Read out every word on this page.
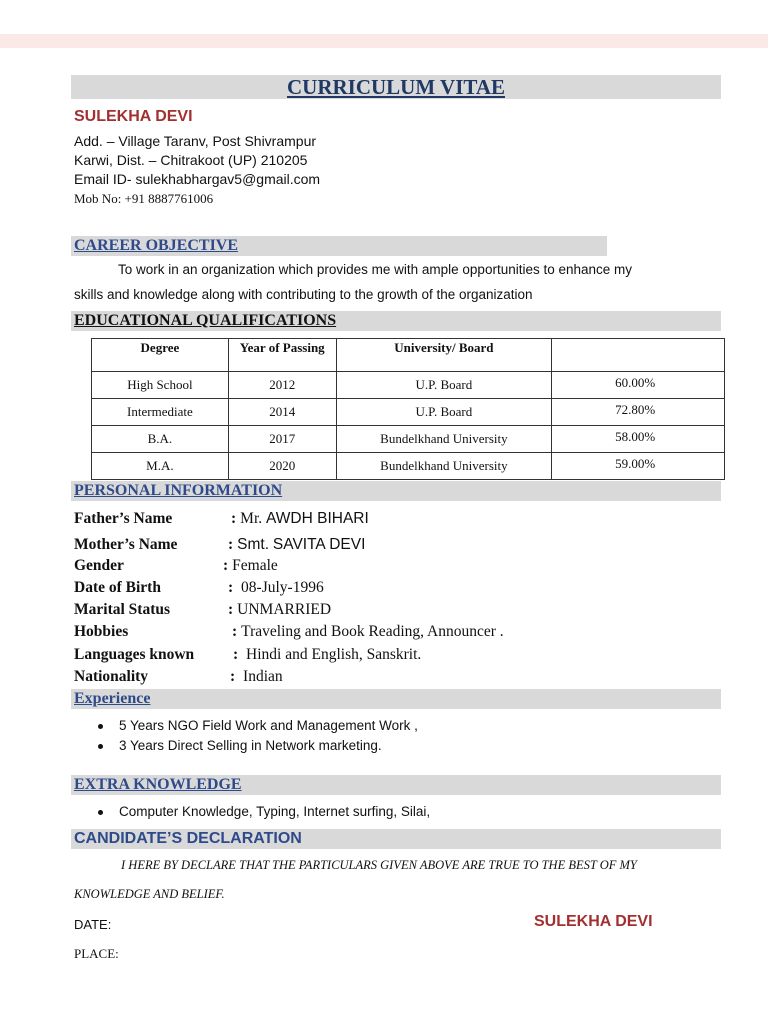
CURRICULUM VITAE
SULEKHA DEVI
Add. – Village Taranv, Post Shivrampur
Karwi, Dist. – Chitrakoot (UP) 210205
Email ID- sulekhabhargav5@gmail.com
Mob No: +91 8887761006
CAREER OBJECTIVE
To work in an organization which provides me with ample opportunities to enhance my
skills and knowledge along with contributing to the growth of the organization
EDUCATIONAL QUALIFICATIONS
Degree	Year of Passing	University/ Board	
High School	2012	U.P. Board	60.00%
Intermediate	2014	U.P. Board	72.80%
B.A.	2017	Bundelkhand University	58.00%
M.A.	2020	Bundelkhand University	59.00%
PERSONAL INFORMATION
Father’s Name	: Mr. AWDH BIHARI
Mother’s Name	: Smt. SAVITA DEVI
Gender	: Female
Date of Birth	: 08-July-1996
Marital Status	: UNMARRIED
Hobbies	: Traveling and Book Reading, Announcer .
Languages known	: Hindi and English, Sanskrit.
Nationality	: Indian
Experience
5 Years NGO Field Work and Management Work ,
3 Years Direct Selling in Network marketing.
EXTRA KNOWLEDGE
Computer Knowledge, Typing, Internet surfing, Silai,
CANDIDATE’S DECLARATION
I HERE BY DECLARE THAT THE PARTICULARS GIVEN ABOVE ARE TRUE TO THE BEST OF MY
KNOWLEDGE AND BELIEF.
DATE:	SULEKHA DEVI
PLACE:
